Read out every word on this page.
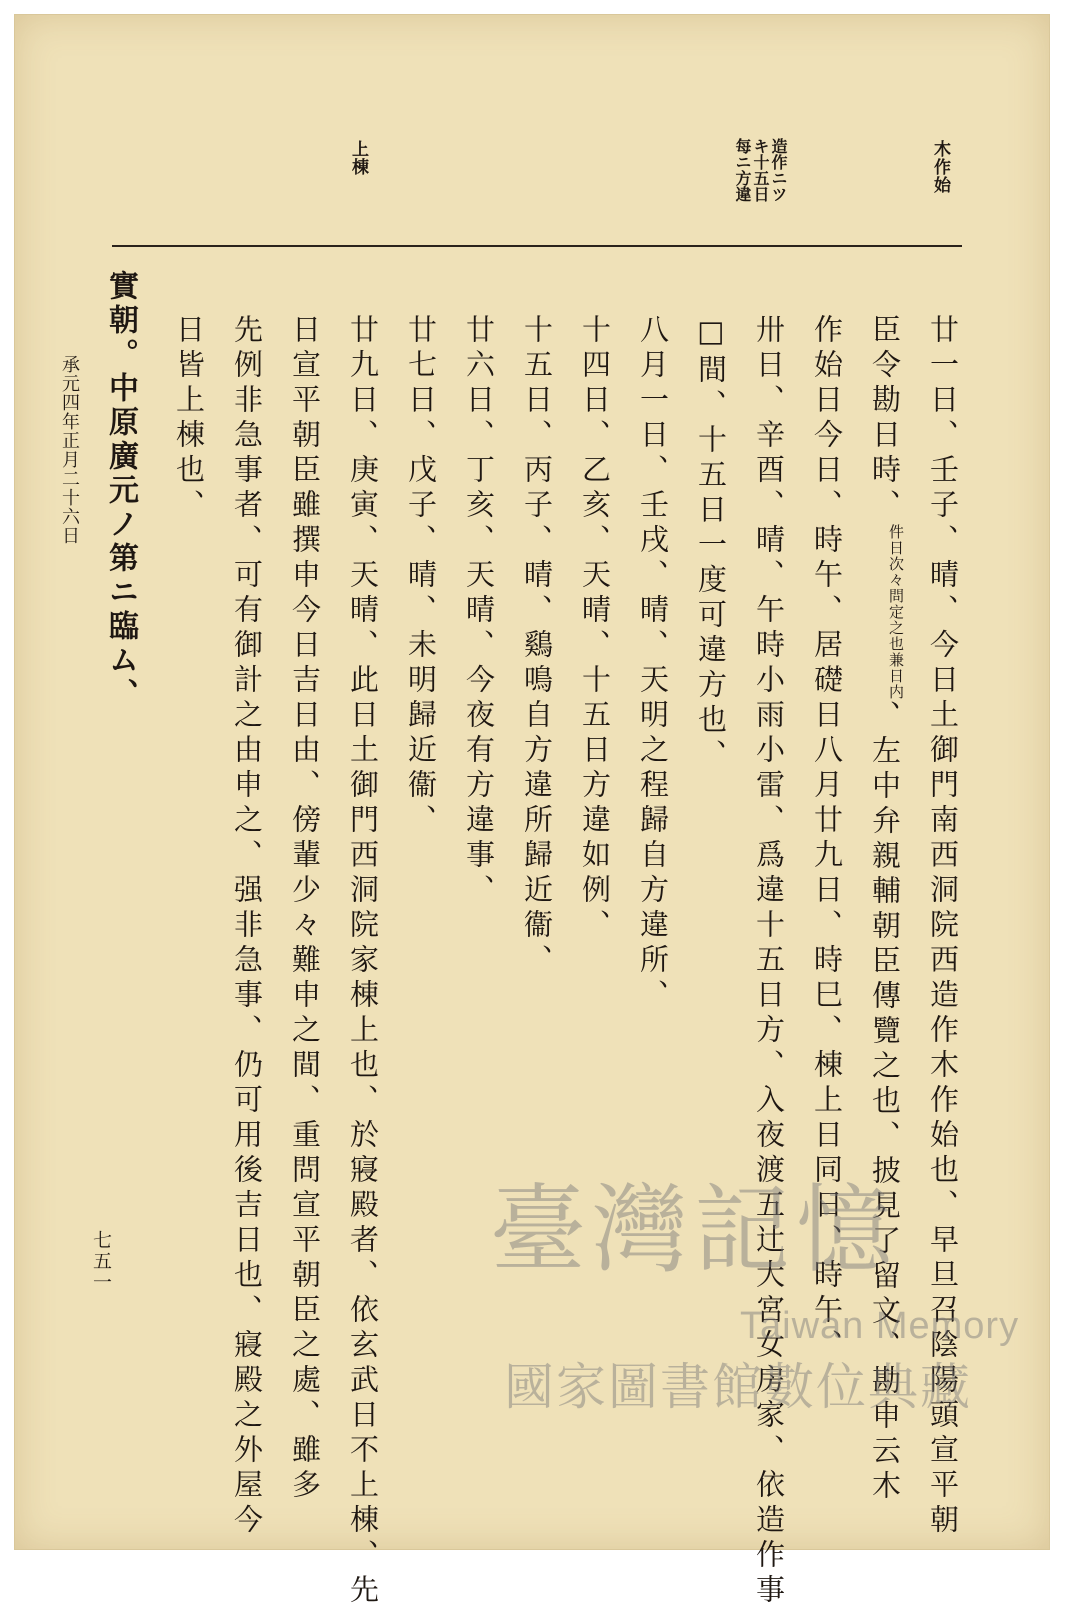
木作始
造作ニツ
キ十五日
每ニ方違
上棟
廿一日、壬子、晴、今日土御門南西洞院西造作木作始也、早旦召陰陽頭宣平朝
臣令勘日時、
件日次
々問定之也
兼日内
、左中弁親輔朝臣傳覽之也、披見了留文、勘申云木
作始日今日、時午、居礎日八月廿九日、時巳、棟上日同日、時午、
卅日、辛酉、晴、午時小雨小雷、爲違十五日方、入夜渡五辻大宮女房家、依造作事
□間、十五日一度可違方也、
八月一日、壬戌、晴、天明之程歸自方違所、
十四日、乙亥、天晴、十五日方違如例、
十五日、丙子、晴、鷄鳴自方違所歸近衞、
廿六日、丁亥、天晴、今夜有方違事、
廿七日、戊子、晴、未明歸近衞、
廿九日、庚寅、天晴、此日土御門西洞院家棟上也、於寢殿者、依玄武日不上棟、先
日宣平朝臣雖撰申今日吉日由、傍輩少々難申之間、重問宣平朝臣之處、雖多
先例非急事者、可有御計之由申之、强非急事、仍可用後吉日也、寢殿之外屋今
日皆上棟也、
實朝。中原廣元ノ第ニ臨ム、
承元四年正月二十六日
七五一	臺灣記憶
Taiwan Memory
國家圖書館數位典藏
